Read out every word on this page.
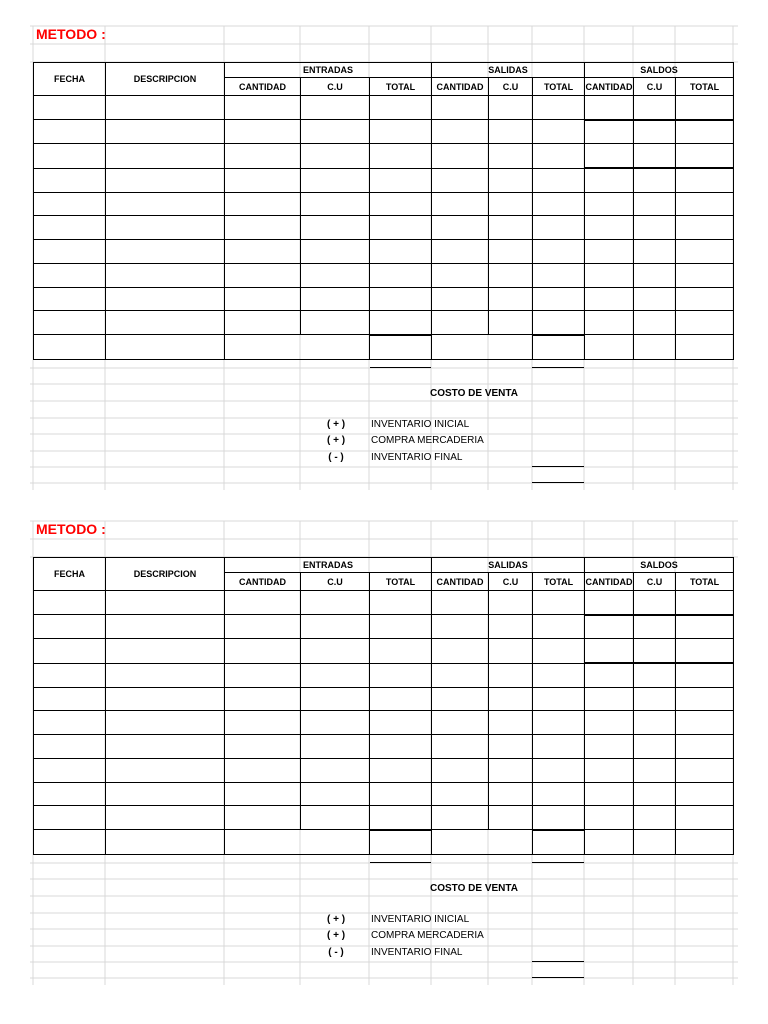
METODO :
FECHA	DESCRIPCION	ENTRADAS			SALIDAS			SALDOS		
		CANTIDAD	C.U	TOTAL	CANTIDAD	C.U	TOTAL	CANTIDAD	C.U	TOTAL

COSTO DE VENTA
( + )	INVENTARIO INICIAL
( + )	COMPRA MERCADERIA
( - )	INVENTARIO FINAL
METODO :
FECHA	DESCRIPCION	ENTRADAS			SALIDAS			SALDOS		
		CANTIDAD	C.U	TOTAL	CANTIDAD	C.U	TOTAL	CANTIDAD	C.U	TOTAL

COSTO DE VENTA
( + )	INVENTARIO INICIAL
( + )	COMPRA MERCADERIA
( - )	INVENTARIO FINAL
